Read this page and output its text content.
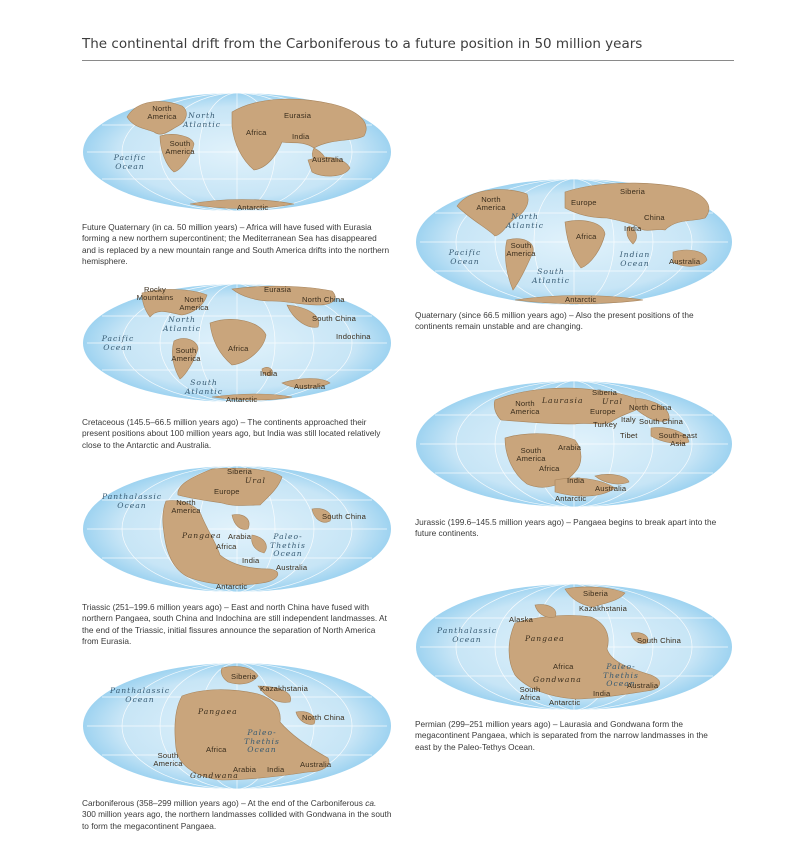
The continental drift from the Carboniferous to a future position in 50 million years
North America	North Atlantic
South America
Africa
Eurasia
India
Australia
Antarctic
Pacific Ocean

Future Quaternary (in ca. 50 million years) – Africa will have fused with Eurasia forming a new northern supercontinent; the Mediterranean Sea has disappeared and is replaced by a new mountain range and South America drifts into the northern hemisphere.

North America
North Atlantic
Europe
Siberia
China
India
Africa
South America
Pacific Ocean
Indian Ocean	Australia
South Atlantic
Antarctic

Quaternary (since 66.5 million years ago) – Also the present positions of the continents remain unstable and are changing.

Rocky Mountains	North America
Eurasia
North China
South China
Indochina
North Atlantic
Pacific Ocean	Africa
South America
India
South Atlantic	Australia
Antarctic

Cretaceous (145.5–66.5 million years ago) – The continents approached their present positions about 100 million years ago, but India was still located relatively close to the Antarctic and Australia.

North America
Laurasia
Siberia
Ural
Europe North China
Italy
Turkey	South China
Tibet	South-east Asia
Arabia
South America
Africa
India
Australia
Antarctic

Jurassic (199.6–145.5 million years ago) – Pangaea begins to break apart into the future continents.

Siberia
Ural
Europe
Panthalassic Ocean	North America
South China
Pangaea Arabia
Africa
Paleo-Thethis Ocean
India
Australia
Antarctic

Triassic (251–199.6 million years ago) – East and north China have fused with northern Pangaea, south China and Indochina are still independent landmasses. At the end of the Triassic, initial fissures announce the separation of North America from Eurasia.

Siberia
Kazakhstania
Alaska
Panthalassic Ocean	Pangaea	South China
Africa	Paleo-Thethis Ocean
Gondwana
South Africa
Antarctic
India
Australia

Permian (299–251 million years ago) – Laurasia and Gondwana form the megacontinent Pangaea, which is separated from the narrow landmasses in the east by the Paleo-Tethys Ocean.

Siberia
Kazakhstania
Panthalassic Ocean
Pangaea
North China
Paleo-Thethis Ocean
Africa
South America
Arabia India
Australia
Gondwana

Carboniferous (358–299 million years ago) – At the end of the Carboniferous ca. 300 million years ago, the northern landmasses collided with Gondwana in the south to form the megacontinent Pangaea.
